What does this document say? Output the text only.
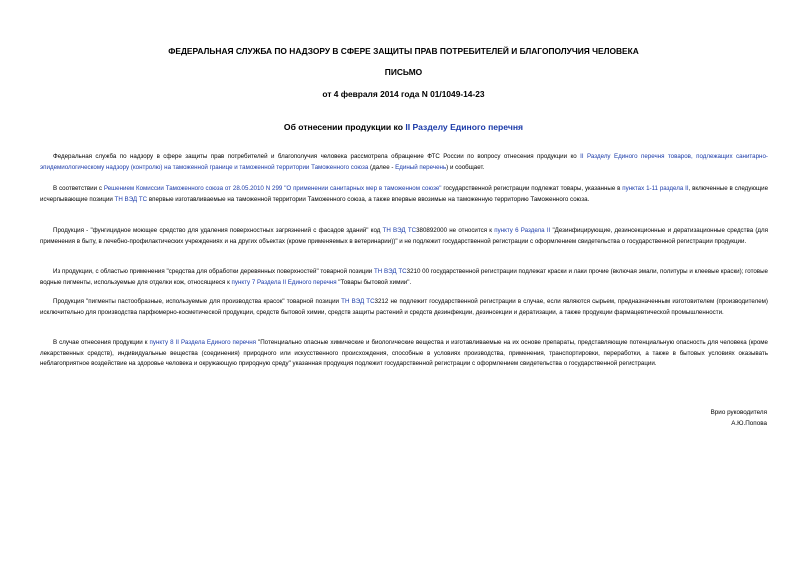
ФЕДЕРАЛЬНАЯ СЛУЖБА ПО НАДЗОРУ В СФЕРЕ ЗАЩИТЫ ПРАВ ПОТРЕБИТЕЛЕЙ И БЛАГОПОЛУЧИЯ ЧЕЛОВЕКА
ПИСЬМО
от 4 февраля 2014 года N 01/1049-14-23
Об отнесении продукции ко II Разделу Единого перечня

Федеральная служба по надзору в сфере защиты прав потребителей и благополучия человека рассмотрела обращение ФТС России по вопросу отнесения продукции ко II Разделу Единого перечня товаров, подлежащих санитарно-эпидемиологическому надзору (контролю) на таможенной границе и таможенной территории Таможенного союза (далее - Единый перечень) и сообщает.

В соответствии с Решением Комиссии Таможенного союза от 28.05.2010 N 299 "О применении санитарных мер в таможенном союзе" государственной регистрации подлежат товары, указанные в пунктах 1-11 раздела II, включенные в следующие исчерпывающие позиции ТН ВЭД ТС впервые изготавливаемые на таможенной территории Таможенного союза, а также впервые ввозимые на таможенную территорию Таможенного союза.

Продукция - "фунгицидное моющее средство для удаления поверхностных загрязнений с фасадов зданий" код ТН ВЭД ТС380892000 не относится к пункту 6 Раздела II "Дезинфицирующие, дезинсекционные и дератизационные средства (для применения в быту, в лечебно-профилактических учреждениях и на других объектах (кроме применяемых в ветеринарии))" и не подлежит государственной регистрации с оформлением свидетельства о государственной регистрации продукции.

Из продукции, с областью применения "средства для обработки деревянных поверхностей" товарной позиции ТН ВЭД ТС3210 00 государственной регистрации подлежат краски и лаки прочие (включая эмали, политуры и клеевые краски); готовые водные пигменты, используемые для отделки кож, относящиеся к пункту 7 Раздела II Единого перечня "Товары бытовой химии".

Продукция "пигменты пастообразные, используемые для производства красок" товарной позиции ТН ВЭД ТС3212 не подлежит государственной регистрации в случае, если являются сырьем, предназначенным изготовителем (производителем) исключительно для производства парфюмерно-косметической продукции, средств бытовой химии, средств защиты растений и средств дезинфекции, дезинсекции и дератизации, а также продукции фармацевтической промышленности.

В случае отнесения продукции к пункту 8 II Раздела Единого перечня "Потенциально опасные химические и биологические вещества и изготавливаемые на их основе препараты, представляющие потенциальную опасность для человека (кроме лекарственных средств), индивидуальные вещества (соединения) природного или искусственного происхождения, способные в условиях производства, применения, транспортировки, переработки, а также в бытовых условиях оказывать неблагоприятное воздействие на здоровье человека и окружающую природную среду" указанная продукция подлежит государственной регистрации с оформлением свидетельства о государственной регистрации.

Врио руководителя
А.Ю.Попова
